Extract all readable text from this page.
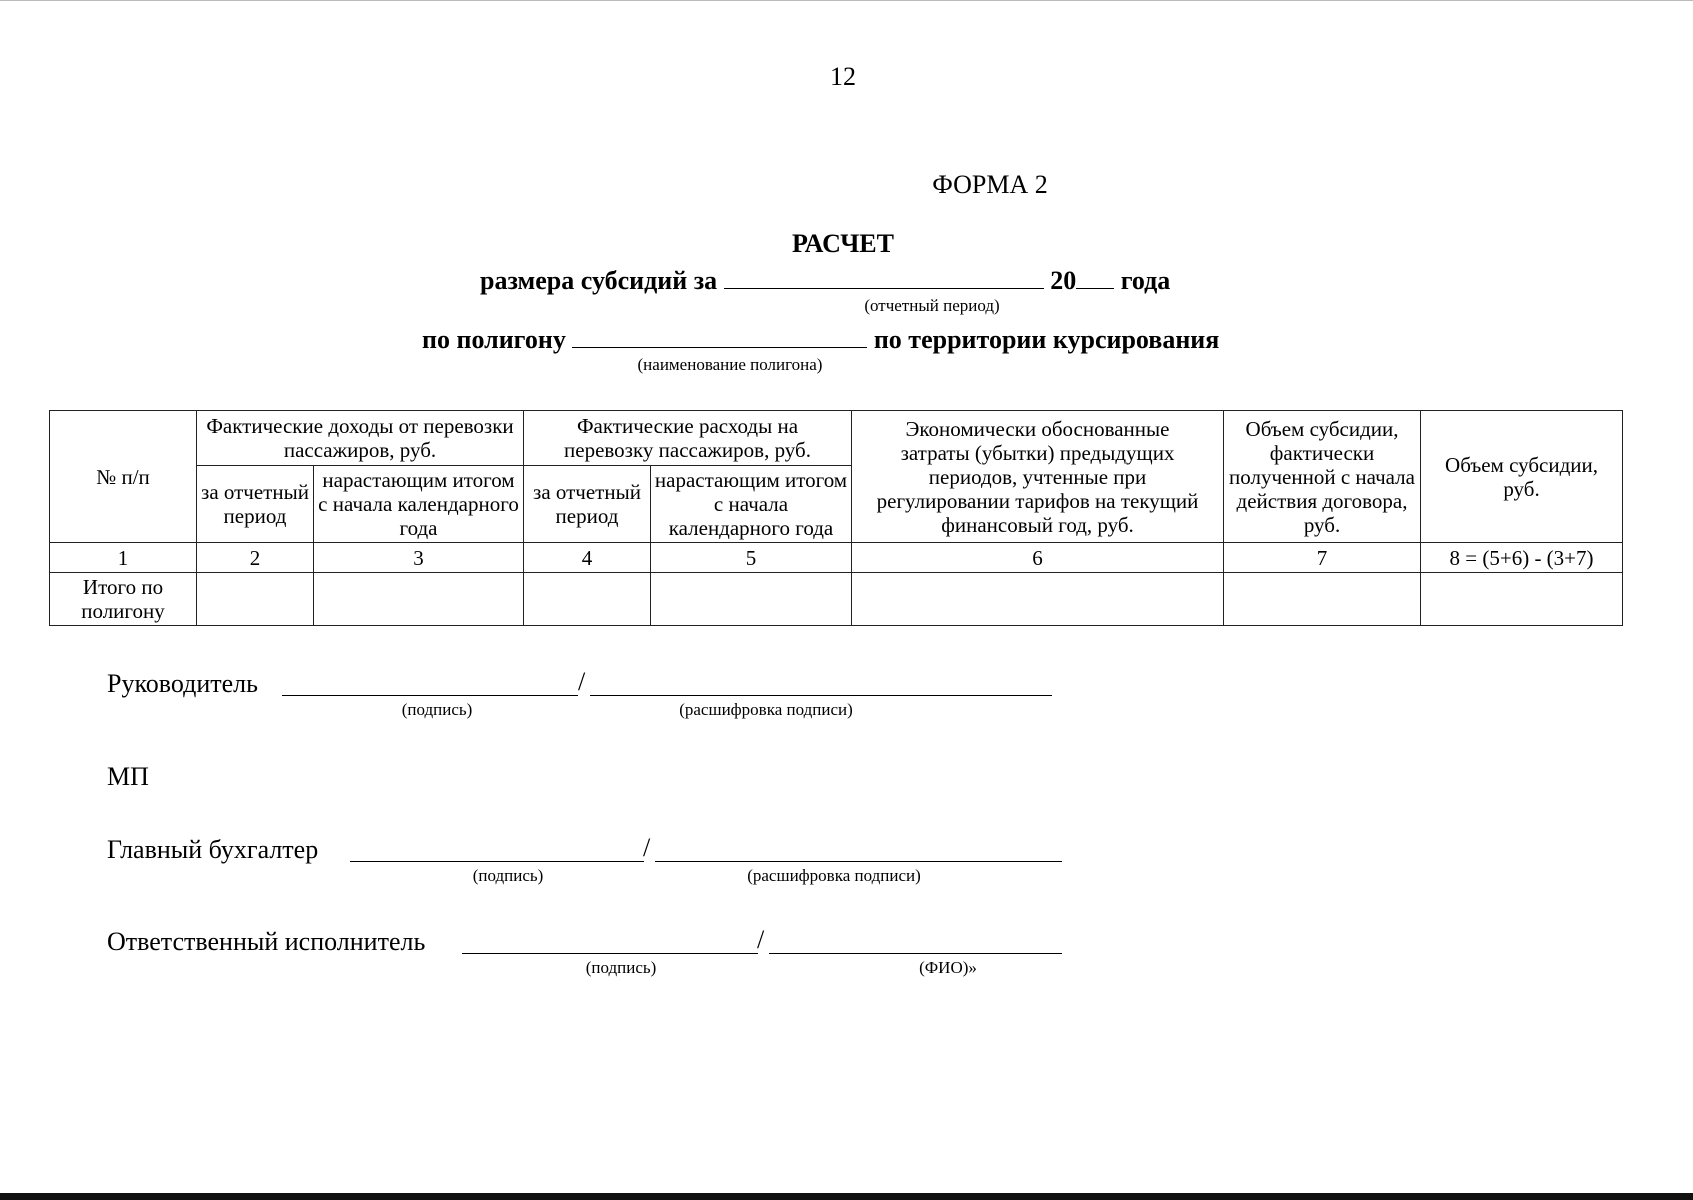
12
ФОРМА 2
РАСЧЕТ
размера субсидий за	20 года
(отчетный период)
по полигону	по территории курсирования
(наименование полигона)
№ п/п	Фактические доходы от перевозки пассажиров, руб.		Фактические расходы на перевозку пассажиров, руб.		Экономически обоснованные затраты (убытки) предыдущих периодов, учтенные при регулировании тарифов на текущий финансовый год, руб.	Объем субсидии, фактически полученной с начала действия договора, руб.	Объем субсидии, руб.

	за отчетный период	нарастающим итогом с начала календарного года	за отчетный период	нарастающим итогом с начала календарного года			

1	2	3	4	5	6	7	8 = (5+6) - (3+7)

Итого по полигону							

Руководитель	/
(подпись)	(расшифровка подписи)
МП
Главный бухгалтер	/
(подпись)	(расшифровка подписи)
Ответственный исполнитель	/
(подпись)	(ФИО)»
